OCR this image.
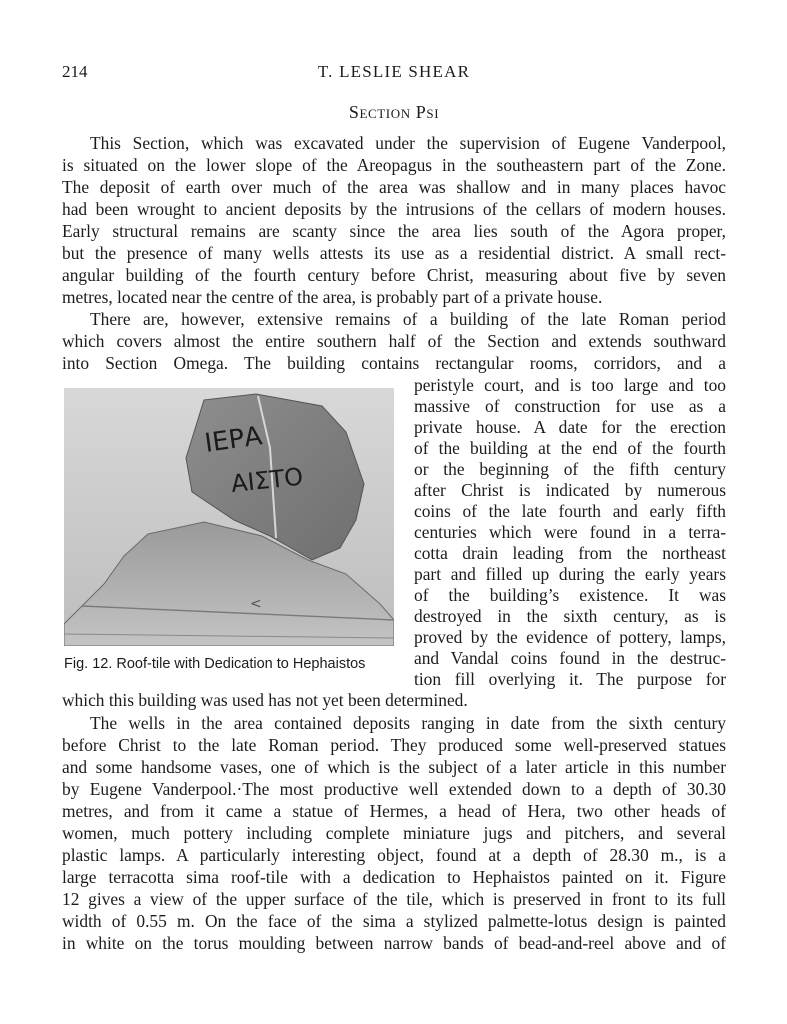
214	T. LESLIE SHEAR
Section Psi
This Section, which was excavated under the supervision of Eugene Vanderpool,
is situated on the lower slope of the Areopagus in the southeastern part of the Zone.
The deposit of earth over much of the area was shallow and in many places havoc
had been wrought to ancient deposits by the intrusions of the cellars of modern houses.
Early structural remains are scanty since the area lies south of the Agora proper,
but the presence of many wells attests its use as a residential district. A small rect-
angular building of the fourth century before Christ, measuring about five by seven
metres, located near the centre of the area, is probably part of a private house.
There are, however, extensive remains of a building of the late Roman period
which covers almost the entire southern half of the Section and extends southward
into Section Omega. The building contains rectangular rooms, corridors, and a
ΙΕΡΑ
ΑΙΣΤΟ
<
Fig. 12. Roof-tile with Dedication to Hephaistos
peristyle court, and is too large and too
massive of construction for use as a
private house. A date for the erection
of the building at the end of the fourth
or the beginning of the fifth century
after Christ is indicated by numerous
coins of the late fourth and early fifth
centuries which were found in a terra-
cotta drain leading from the northeast
part and filled up during the early years
of the building’s existence. It was
destroyed in the sixth century, as is
proved by the evidence of pottery, lamps,
and Vandal coins found in the destruc-
tion fill overlying it. The purpose for
which this building was used has not yet been determined.
The wells in the area contained deposits ranging in date from the sixth century
before Christ to the late Roman period. They produced some well-preserved statues
and some handsome vases, one of which is the subject of a later article in this number
by Eugene Vanderpool.·The most productive well extended down to a depth of 30.30
metres, and from it came a statue of Hermes, a head of Hera, two other heads of
women, much pottery including complete miniature jugs and pitchers, and several
plastic lamps. A particularly interesting object, found at a depth of 28.30 m., is a
large terracotta sima roof-tile with a dedication to Hephaistos painted on it. Figure
12 gives a view of the upper surface of the tile, which is preserved in front to its full
width of 0.55 m. On the face of the sima a stylized palmette-lotus design is painted
in white on the torus moulding between narrow bands of bead-and-reel above and of
